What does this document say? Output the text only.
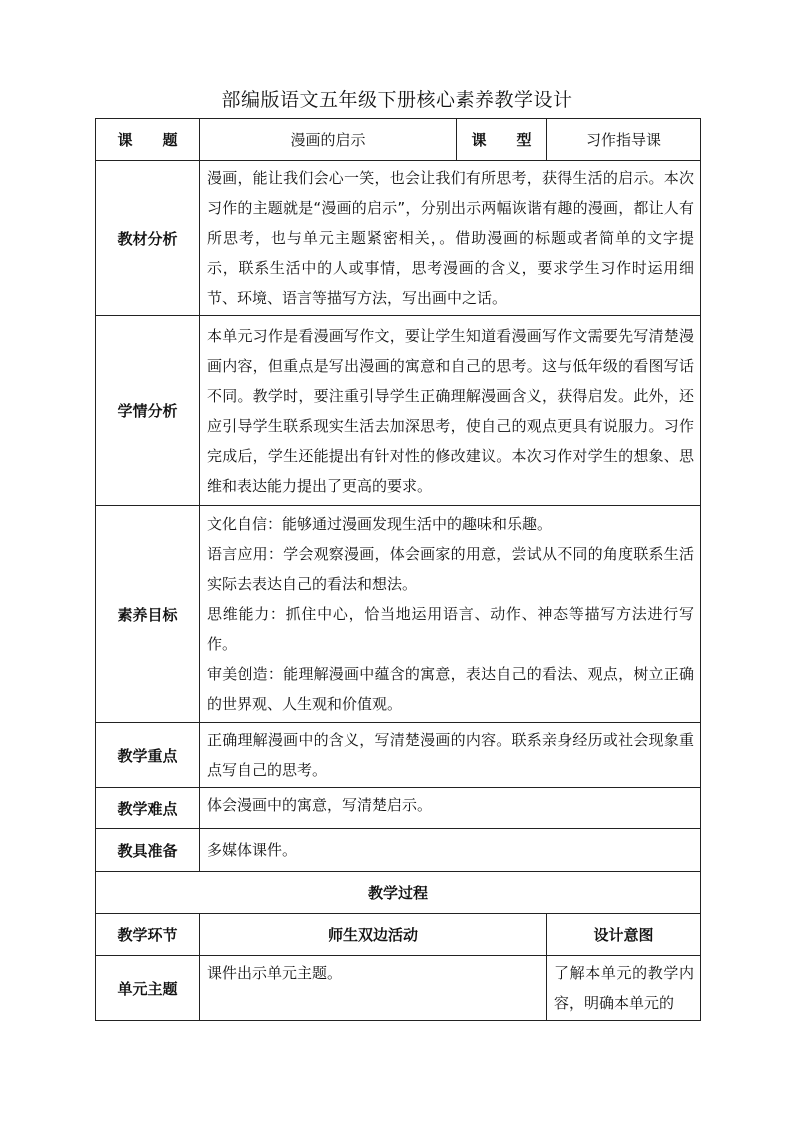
部编版语文五年级下册核心素养教学设计
课　　题	漫画的启示	课　　型	习作指导课
教材分析	漫画，能让我们会心一笑，也会让我们有所思考，获得生活的启示。本次习作的主题就是“漫画的启示”，分别出示两幅诙谐有趣的漫画，都让人有所思考，也与单元主题紧密相关，。借助漫画的标题或者简单的文字提示，联系生活中的人或事情，思考漫画的含义，要求学生习作时运用细节、环境、语言等描写方法，写出画中之话。		
学情分析	本单元习作是看漫画写作文，要让学生知道看漫画写作文需要先写清楚漫画内容，但重点是写出漫画的寓意和自己的思考。这与低年级的看图写话不同。教学时，要注重引导学生正确理解漫画含义，获得启发。此外，还应引导学生联系现实生活去加深思考，使自己的观点更具有说服力。习作完成后，学生还能提出有针对性的修改建议。本次习作对学生的想象、思维和表达能力提出了更高的要求。		
素养目标	文化自信：能够通过漫画发现生活中的趣味和乐趣。

语言应用：学会观察漫画，体会画家的用意，尝试从不同的角度联系生活实际去表达自己的看法和想法。

思维能力：抓住中心，恰当地运用语言、动作、神态等描写方法进行写作。

审美创造：能理解漫画中蕴含的寓意，表达自己的看法、观点，树立正确的世界观、人生观和价值观。		

教学重点	正确理解漫画中的含义，写清楚漫画的内容。联系亲身经历或社会现象重点写自己的思考。		
教学难点	体会漫画中的寓意，写清楚启示。		
教具准备	多媒体课件。		
教学过程			
教学环节	师生双边活动		设计意图
单元主题	课件出示单元主题。		了解本单元的教学内容，明确本单元的
